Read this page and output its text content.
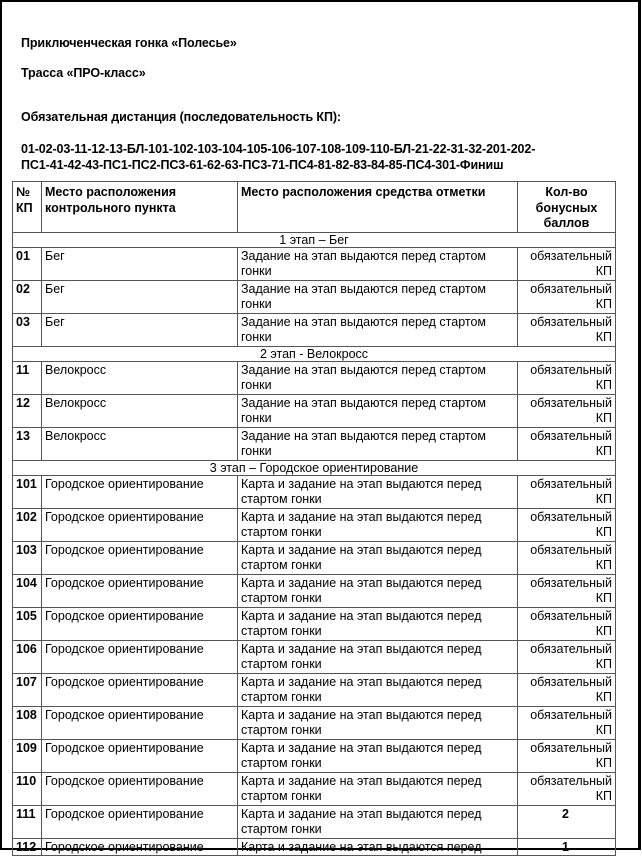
Приключенческая гонка «Полесье»
Трасса «ПРО-класс»
Обязательная дистанция (последовательность КП):
01-02-03-11-12-13-БЛ-101-102-103-104-105-106-107-108-109-110-БЛ-21-22-31-32-201-202-
ПС1-41-42-43-ПС1-ПС2-ПС3-61-62-63-ПС3-71-ПС4-81-82-83-84-85-ПС4-301-Финиш
№ КП	Место расположения контрольного пункта	Место расположения средства отметки	Кол-во бонусных баллов
1 этап – Бег			
01	Бег	Задание на этап выдаются перед стартом гонки	обязательный КП
02	Бег	Задание на этап выдаются перед стартом гонки	обязательный КП
03	Бег	Задание на этап выдаются перед стартом гонки	обязательный КП
2 этап - Велокросс			
11	Велокросс	Задание на этап выдаются перед стартом гонки	обязательный КП
12	Велокросс	Задание на этап выдаются перед стартом гонки	обязательный КП
13	Велокросс	Задание на этап выдаются перед стартом гонки	обязательный КП
3 этап – Городское ориентирование			
101	Городское ориентирование	Карта и задание на этап выдаются перед стартом гонки	обязательный КП
102	Городское ориентирование	Карта и задание на этап выдаются перед стартом гонки	обязательный КП
103	Городское ориентирование	Карта и задание на этап выдаются перед стартом гонки	обязательный КП
104	Городское ориентирование	Карта и задание на этап выдаются перед стартом гонки	обязательный КП
105	Городское ориентирование	Карта и задание на этап выдаются перед стартом гонки	обязательный КП
106	Городское ориентирование	Карта и задание на этап выдаются перед стартом гонки	обязательный КП
107	Городское ориентирование	Карта и задание на этап выдаются перед стартом гонки	обязательный КП
108	Городское ориентирование	Карта и задание на этап выдаются перед стартом гонки	обязательный КП
109	Городское ориентирование	Карта и задание на этап выдаются перед стартом гонки	обязательный КП
110	Городское ориентирование	Карта и задание на этап выдаются перед стартом гонки	обязательный КП
111	Городское ориентирование	Карта и задание на этап выдаются перед стартом гонки	2
112	Городское ориентирование	Карта и задание на этап выдаются перед	1
